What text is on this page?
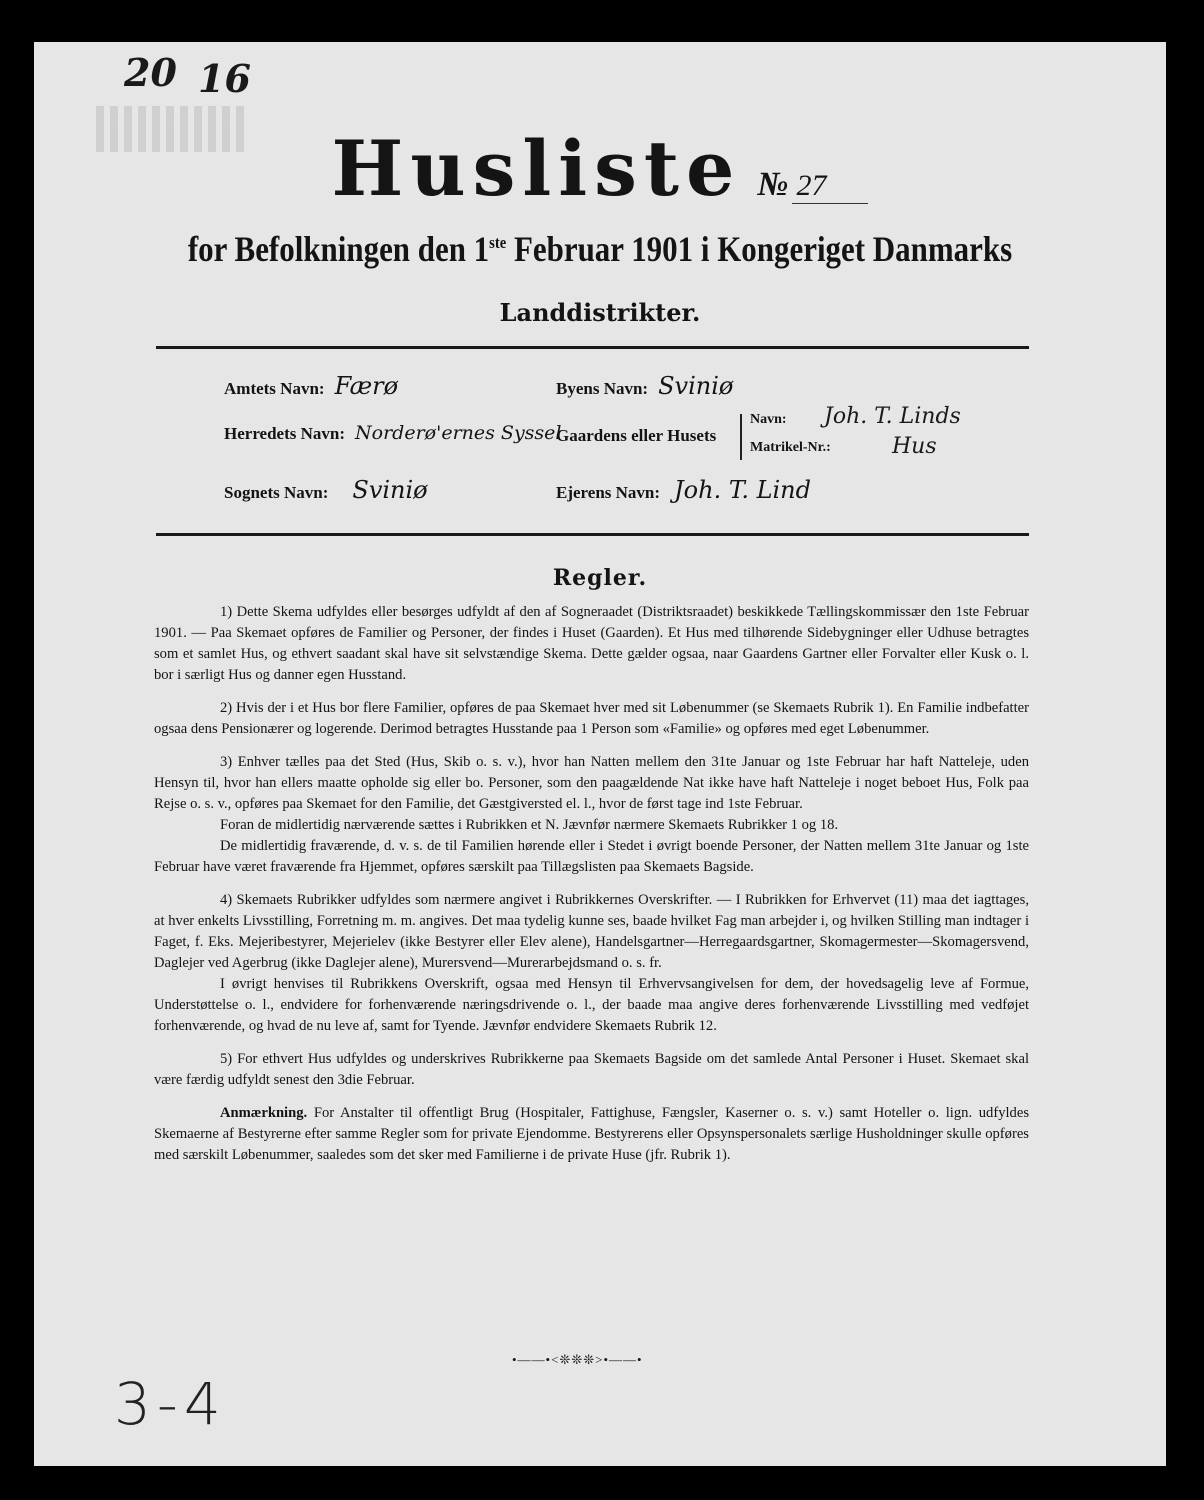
20 16
Husliste № 27
for Befolkningen den 1ste Februar 1901 i Kongeriget Danmarks
Landdistrikter.
Amtets Navn: Færø	Byens Navn: Sviniø
Herredets Navn: Norderø'ernes Syssel
Gaardens eller Husets
Navn: Joh. T. Linds
Matrikel-Nr.:	Hus
Sognets Navn: Sviniø	Ejerens Navn: Joh. T. Lind
Regler.

1) Dette Skema udfyldes eller besørges udfyldt af den af Sogneraadet (Distriktsraadet) beskikkede Tællingskommissær den 1ste Februar 1901. — Paa Skemaet opføres de Familier og Personer, der findes i Huset (Gaarden). Et Hus med tilhørende Sidebygninger eller Udhuse betragtes som et samlet Hus, og ethvert saadant skal have sit selvstændige Skema. Dette gælder ogsaa, naar Gaardens Gartner eller Forvalter eller Kusk o. l. bor i særligt Hus og danner egen Husstand.

2) Hvis der i et Hus bor flere Familier, opføres de paa Skemaet hver med sit Løbenummer (se Skemaets Rubrik 1). En Familie indbefatter ogsaa dens Pensionærer og logerende. Derimod betragtes Husstande paa 1 Person som «Familie» og opføres med eget Løbenummer.

3) Enhver tælles paa det Sted (Hus, Skib o. s. v.), hvor han Natten mellem den 31te Januar og 1ste Februar har haft Natteleje, uden Hensyn til, hvor han ellers maatte opholde sig eller bo. Personer, som den paagældende Nat ikke have haft Natteleje i noget beboet Hus, Folk paa Rejse o. s. v., opføres paa Skemaet for den Familie, det Gæstgiversted el. l., hvor de først tage ind 1ste Februar.

Foran de midlertidig nærværende sættes i Rubrikken et N. Jævnfør nærmere Skemaets Rubrikker 1 og 18.

De midlertidig fraværende, d. v. s. de til Familien hørende eller i Stedet i øvrigt boende Personer, der Natten mellem 31te Januar og 1ste Februar have været fraværende fra Hjemmet, opføres særskilt paa Tillægslisten paa Skemaets Bagside.

4) Skemaets Rubrikker udfyldes som nærmere angivet i Rubrikkernes Overskrifter. — I Rubrikken for Erhvervet (11) maa det iagttages, at hver enkelts Livsstilling, Forretning m. m. angives. Det maa tydelig kunne ses, baade hvilket Fag man arbejder i, og hvilken Stilling man indtager i Faget, f. Eks. Mejeribestyrer, Mejerielev (ikke Bestyrer eller Elev alene), Handelsgartner—Herregaardsgartner, Skomagermester—Skomagersvend, Daglejer ved Agerbrug (ikke Daglejer alene), Murersvend—Murerarbejdsmand o. s. fr.

I øvrigt henvises til Rubrikkens Overskrift, ogsaa med Hensyn til Erhvervsangivelsen for dem, der hovedsagelig leve af Formue, Understøttelse o. l., endvidere for forhenværende næringsdrivende o. l., der baade maa angive deres forhenværende Livsstilling med vedføjet forhenværende, og hvad de nu leve af, samt for Tyende. Jævnfør endvidere Skemaets Rubrik 12.

5) For ethvert Hus udfyldes og underskrives Rubrikkerne paa Skemaets Bagside om det samlede Antal Personer i Huset. Skemaet skal være færdig udfyldt senest den 3die Februar.

Anmærkning. For Anstalter til offentligt Brug (Hospitaler, Fattighuse, Fængsler, Kaserner o. s. v.) samt Hoteller o. lign. udfyldes Skemaerne af Bestyrerne efter samme Regler som for private Ejendomme. Bestyrerens eller Opsynspersonalets særlige Husholdninger skulle opføres med særskilt Løbenummer, saaledes som det sker med Familierne i de private Huse (jfr. Rubrik 1).

•——•<❊❊❊>•——•
3-4
